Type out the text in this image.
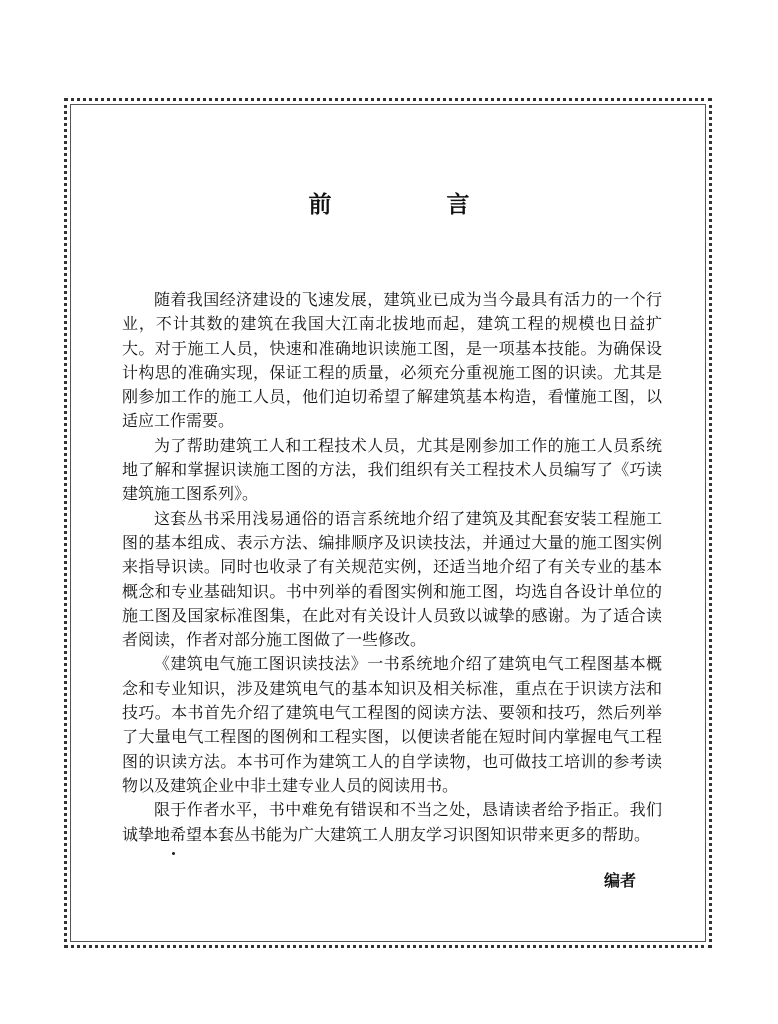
前　言

随着我国经济建设的飞速发展，建筑业已成为当今最具有活力的一个行业，不计其数的建筑在我国大江南北拔地而起，建筑工程的规模也日益扩大。对于施工人员，快速和准确地识读施工图，是一项基本技能。为确保设计构思的准确实现，保证工程的质量，必须充分重视施工图的识读。尤其是刚参加工作的施工人员，他们迫切希望了解建筑基本构造，看懂施工图，以适应工作需要。

为了帮助建筑工人和工程技术人员，尤其是刚参加工作的施工人员系统地了解和掌握识读施工图的方法，我们组织有关工程技术人员编写了《巧读建筑施工图系列》。

这套丛书采用浅易通俗的语言系统地介绍了建筑及其配套安装工程施工图的基本组成、表示方法、编排顺序及识读技法，并通过大量的施工图实例来指导识读。同时也收录了有关规范实例，还适当地介绍了有关专业的基本概念和专业基础知识。书中列举的看图实例和施工图，均选自各设计单位的施工图及国家标准图集，在此对有关设计人员致以诚挚的感谢。为了适合读者阅读，作者对部分施工图做了一些修改。

《建筑电气施工图识读技法》一书系统地介绍了建筑电气工程图基本概念和专业知识，涉及建筑电气的基本知识及相关标准，重点在于识读方法和技巧。本书首先介绍了建筑电气工程图的阅读方法、要领和技巧，然后列举了大量电气工程图的图例和工程实图，以便读者能在短时间内掌握电气工程图的识读方法。本书可作为建筑工人的自学读物，也可做技工培训的参考读物以及建筑企业中非土建专业人员的阅读用书。

限于作者水平，书中难免有错误和不当之处，恳请读者给予指正。我们诚挚地希望本套丛书能为广大建筑工人朋友学习识图知识带来更多的帮助。

编者
